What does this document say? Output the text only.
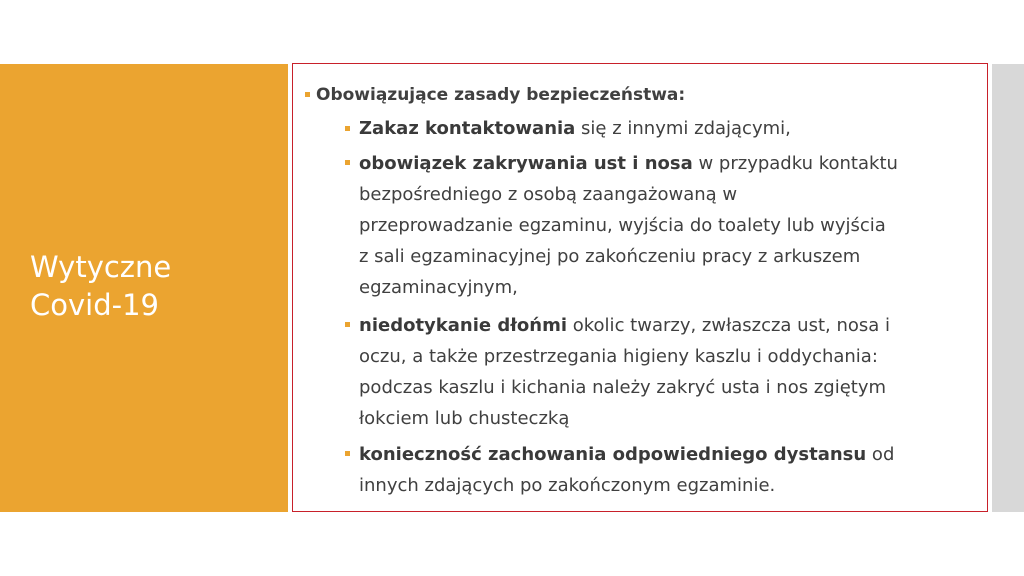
Wytyczne
Covid-19
Obowiązujące zasady bezpieczeństwa:
Zakaz kontaktowania się z innymi zdającymi,
obowiązek zakrywania ust i nosa w przypadku kontaktu
bezpośredniego z osobą zaangażowaną w
przeprowadzanie egzaminu, wyjścia do toalety lub wyjścia
z sali egzaminacyjnej po zakończeniu pracy z arkuszem
egzaminacyjnym,
niedotykanie dłońmi okolic twarzy, zwłaszcza ust, nosa i
oczu, a także przestrzegania higieny kaszlu i oddychania:
podczas kaszlu i kichania należy zakryć usta i nos zgiętym
łokciem lub chusteczką
konieczność zachowania odpowiedniego dystansu od
innych zdających po zakończonym egzaminie.
